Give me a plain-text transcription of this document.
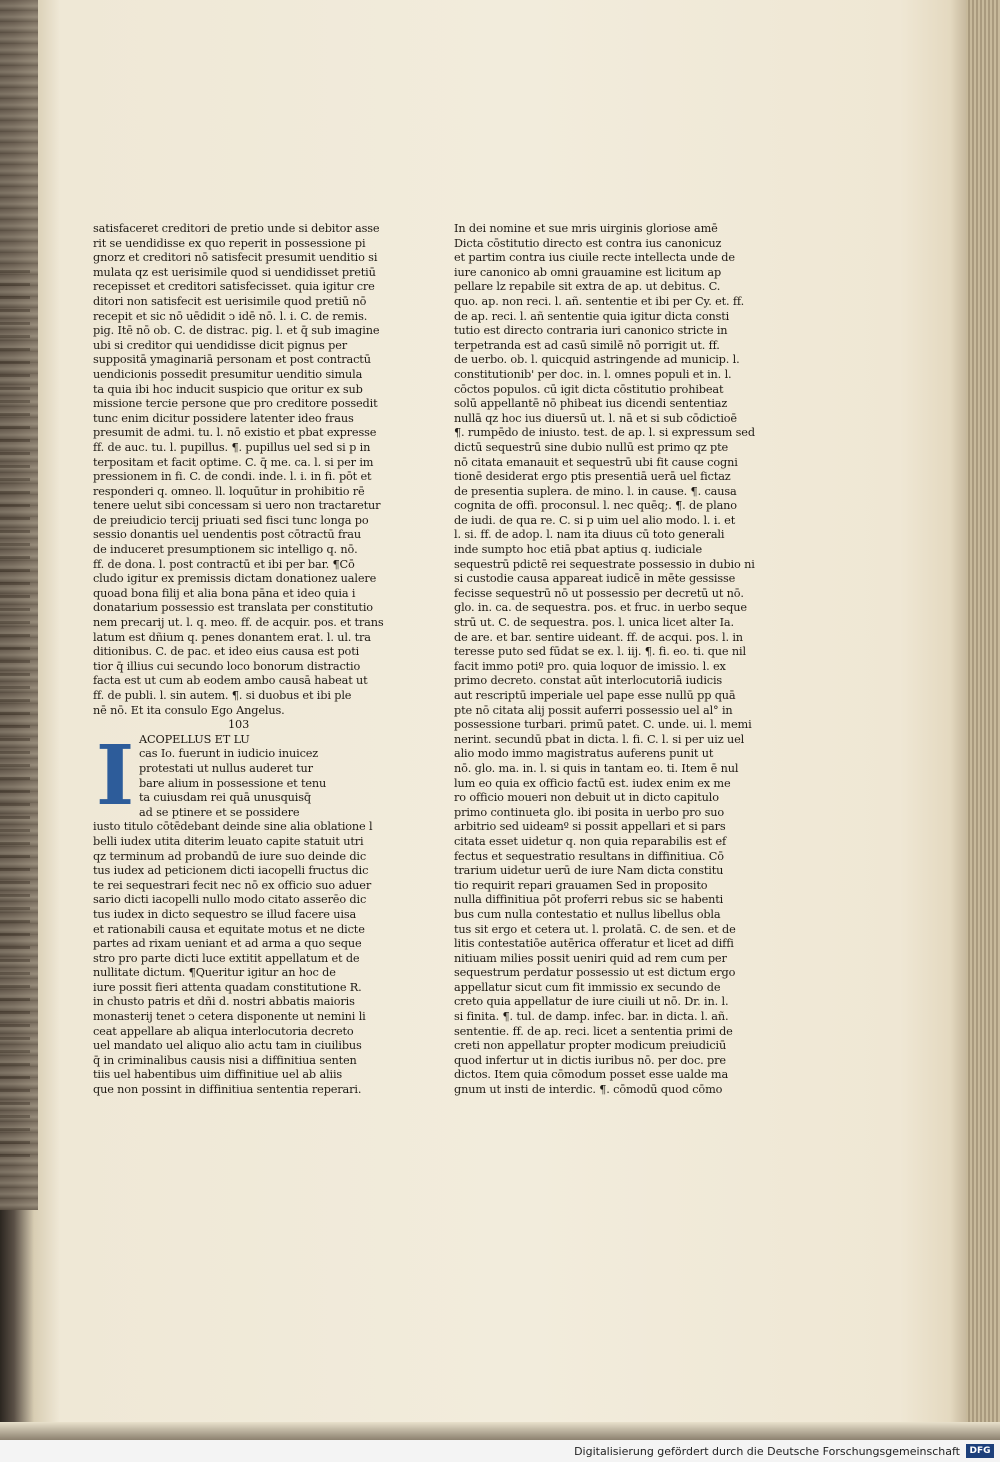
satisfaceret creditori de pretio unde si debitor asse
rit se uendidisse ex quo reperit in possessione pi
gnorz et creditori nō satisfecit presumit uenditio si
mulata qz est uerisimile quod si uendidisset pretiū
recepisset et creditori satisfecisset. quia igitur cre
ditori non satisfecit est uerisimile quod pretiū nō
recepit et sic nō uēdidit ↄ idē nō. l. i. C. de remis.
pig. Itē nō ob. C. de distrac. pig. l. et q̄ sub imagine
ubi si creditor qui uendidisse dicit pignus per
suppositā ymaginariā personam et post contractū
uendicionis possedit presumitur uenditio simula
ta quia ibi hoc inducit suspicio que oritur ex sub
missione tercie persone que pro creditore possedit
tunc enim dicitur possidere latenter ideo fraus
presumit de admi. tu. l. nō existio et pbat expresse
ff. de auc. tu. l. pupillus. ¶. pupillus uel sed si p in
terpositam et facit optime. C. q̄ me. ca. l. si per im
pressionem in fi. C. de condi. inde. l. i. in fi. pōt et
responderi q. omneo. ll. loquūtur in prohibitio rē
tenere uelut sibi concessam si uero non tractaretur
de preiudicio tercij priuati sed fisci tunc longa po
sessio donantis uel uendentis post cōtractū frau
de induceret presumptionem sic intelligo q. nō.
ff. de dona. l. post contractū et ibi per bar. ¶Cō
cludo igitur ex premissis dictam donationez ualere
quoad bona filij et alia bona pāna et ideo quia i
donatarium possessio est translata per constitutio
nem precarij ut. l. q. meo. ff. de acquir. pos. et trans
latum est dñium q. penes donantem erat. l. ul. tra
ditionibus. C. de pac. et ideo eius causa est poti
tior q̄ illius cui secundo loco bonorum distractio
facta est ut cum ab eodem ambo causā habeat ut
ff. de publi. l. sin autem. ¶. si duobus et ibi ple
nē nō. Et ita consulo Ego Angelus.
103
I ACOPELLUS ET LU
cas Io. fuerunt in iudicio inuicez
protestati ut nullus auderet tur
bare alium in possessione et tenu
ta cuiusdam rei quā unusquisq̄
ad se ptinere et se possidere
iusto titulo cōtēdebant deinde sine alia oblatione l
belli iudex utita diterim leuato capite statuit utri
qz terminum ad probandū de iure suo deinde dic
tus iudex ad peticionem dicti iacopelli fructus dic
te rei sequestrari fecit nec nō ex officio suo aduer
sario dicti iacopelli nullo modo citato asserēo dic
tus iudex in dicto sequestro se illud facere uisa
et rationabili causa et equitate motus et ne dicte
partes ad rixam ueniant et ad arma a quo seque
stro pro parte dicti luce extitit appellatum et de
nullitate dictum. ¶Queritur igitur an hoc de
iure possit fieri attenta quadam constitutione R.
in chusto patris et dñi d. nostri abbatis maioris
monasterij tenet ↄ cetera disponente ut nemini li
ceat appellare ab aliqua interlocutoria decreto
uel mandato uel aliquo alio actu tam in ciuilibus
q̄ in criminalibus causis nisi a diffinitiua senten
tiis uel habentibus uim diffinitiue uel ab aliis
que non possint in diffinitiua sententia reperari.
In dei nomine et sue mris uirginis gloriose amē
Dicta cōstitutio directo est contra ius canonicuz
et partim contra ius ciuile recte intellecta unde de
iure canonico ab omni grauamine est licitum ap
pellare lz repabile sit extra de ap. ut debitus. C.
quo. ap. non reci. l. añ. sententie et ibi per Cy. et. ff.
de ap. reci. l. añ sententie quia igitur dicta consti
tutio est directo contraria iuri canonico stricte in
terpetranda est ad casū similē nō porrigit ut. ff.
de uerbo. ob. l. quicquid astringende ad municip. l.
constitutionib' per doc. in. l. omnes populi et in. l.
cōctos populos. cū igit dicta cōstitutio prohibeat
solū appellantē nō phibeat ius dicendi sententiaz
nullā qz hoc ius diuersū ut. l. nā et si sub cōdictioē
¶. rumpēdo de iniusto. test. de ap. l. si expressum sed
dictū sequestrū sine dubio nullū est primo qz pte
nō citata emanauit et sequestrū ubi fit cause cogni
tionē desiderat ergo ptis presentiā uerā uel fictaz
de presentia suplera. de mino. l. in cause. ¶. causa
cognita de offi. proconsul. l. nec quēq;. ¶. de plano
de iudi. de qua re. C. si p uim uel alio modo. l. i. et
l. si. ff. de adop. l. nam ita diuus cū toto generali
inde sumpto hoc etiā pbat aptius q. iudiciale
sequestrū pdictē rei sequestrate possessio in dubio ni
si custodie causa appareat iudicē in mēte gessisse
fecisse sequestrū nō ut possessio per decretū ut nō.
glo. in. ca. de sequestra. pos. et fruc. in uerbo seque
strū ut. C. de sequestra. pos. l. unica licet alter Ia.
de are. et bar. sentire uideant. ff. de acqui. pos. l. in
teresse puto sed fūdat se ex. l. iij. ¶. fi. eo. ti. que nil
facit immo potiº pro. quia loquor de imissio. l. ex
primo decreto. constat aūt interlocutoriā iudicis
aut rescriptū imperiale uel pape esse nullū pp quā
pte nō citata alij possit auferri possessio uel al° in
possessione turbari. primū patet. C. unde. ui. l. memi
nerint. secundū pbat in dicta. l. fi. C. l. si per uiz uel
alio modo immo magistratus auferens punit ut
nō. glo. ma. in. l. si quis in tantam eo. ti. Item ē nul
lum eo quia ex officio factū est. iudex enim ex me
ro officio moueri non debuit ut in dicto capitulo
primo continueta glo. ibi posita in uerbo pro suo
arbitrio sed uideamº si possit appellari et si pars
citata esset uidetur q. non quia reparabilis est ef
fectus et sequestratio resultans in diffinitiua. Cō
trarium uidetur uerū de iure Nam dicta constitu
tio requirit repari grauamen Sed in proposito
nulla diffinitiua pōt proferri rebus sic se habenti
bus cum nulla contestatio et nullus libellus obla
tus sit ergo et cetera ut. l. prolatā. C. de sen. et de
litis contestatiōe autērica offeratur et licet ad diffi
nitiuam milies possit ueniri quid ad rem cum per
sequestrum perdatur possessio ut est dictum ergo
appellatur sicut cum fit immissio ex secundo de
creto quia appellatur de iure ciuili ut nō. Dr. in. l.
si finita. ¶. tul. de damp. infec. bar. in dicta. l. añ.
sententie. ff. de ap. reci. licet a sententia primi de
creti non appellatur propter modicum preiudiciū
quod infertur ut in dictis iuribus nō. per doc. pre
dictos. Item quia cōmodum posset esse ualde ma
gnum ut insti de interdic. ¶. cōmodū quod cōmo
Digitalisierung gefördert durch die Deutsche Forschungsgemeinschaft	DFG
